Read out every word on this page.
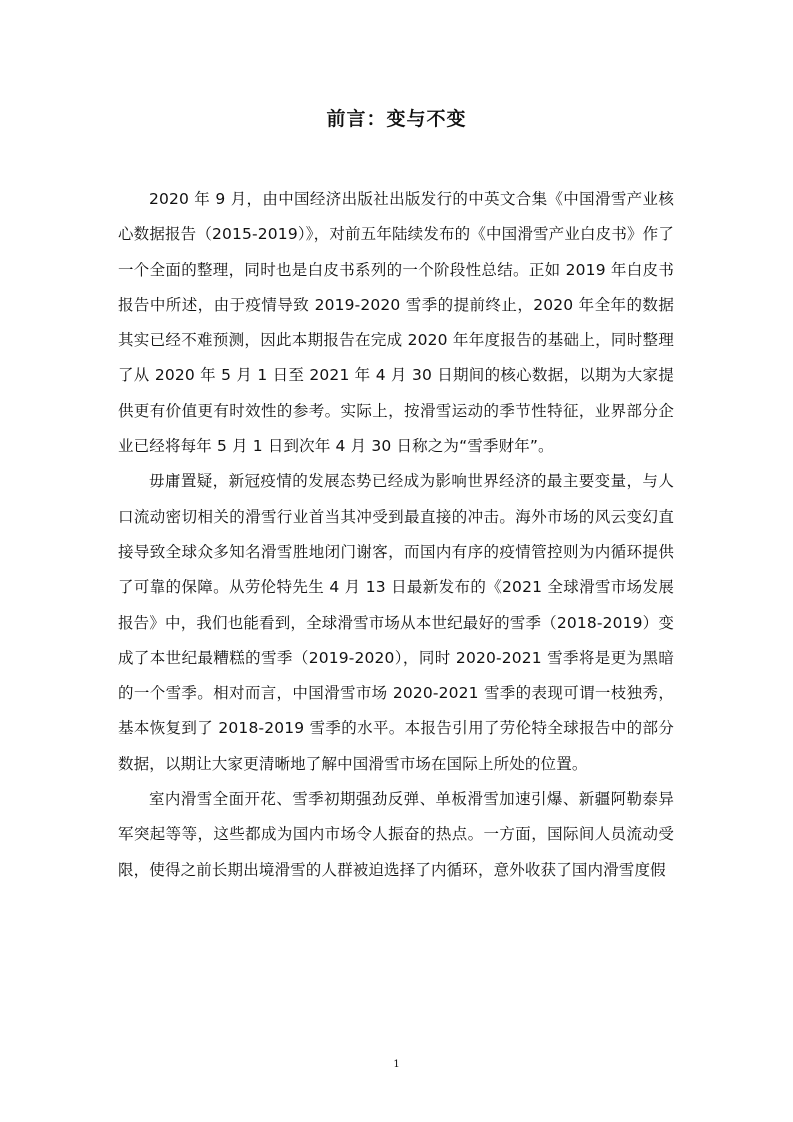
前言：变与不变

2020 年 9 月，由中国经济出版社出版发行的中英文合集《中国滑雪产业核心数据报告（2015-2019）》，对前五年陆续发布的《中国滑雪产业白皮书》作了一个全面的整理，同时也是白皮书系列的一个阶段性总结。正如 2019 年白皮书报告中所述，由于疫情导致 2019-2020 雪季的提前终止，2020 年全年的数据其实已经不难预测，因此本期报告在完成 2020 年年度报告的基础上，同时整理了从 2020 年 5 月 1 日至 2021 年 4 月 30 日期间的核心数据，以期为大家提供更有价值更有时效性的参考。实际上，按滑雪运动的季节性特征，业界部分企业已经将每年 5 月 1 日到次年 4 月 30 日称之为“雪季财年”。

毋庸置疑，新冠疫情的发展态势已经成为影响世界经济的最主要变量，与人口流动密切相关的滑雪行业首当其冲受到最直接的冲击。海外市场的风云变幻直接导致全球众多知名滑雪胜地闭门谢客，而国内有序的疫情管控则为内循环提供了可靠的保障。从劳伦特先生 4 月 13 日最新发布的《2021 全球滑雪市场发展报告》中，我们也能看到，全球滑雪市场从本世纪最好的雪季（2018-2019）变成了本世纪最糟糕的雪季（2019-2020），同时 2020-2021 雪季将是更为黑暗的一个雪季。相对而言，中国滑雪市场 2020-2021 雪季的表现可谓一枝独秀，基本恢复到了 2018-2019 雪季的水平。本报告引用了劳伦特全球报告中的部分数据，以期让大家更清晰地了解中国滑雪市场在国际上所处的位置。

室内滑雪全面开花、雪季初期强劲反弹、单板滑雪加速引爆、新疆阿勒泰异军突起等等，这些都成为国内市场令人振奋的热点。一方面，国际间人员流动受限，使得之前长期出境滑雪的人群被迫选择了内循环，意外收获了国内滑雪度假

1
